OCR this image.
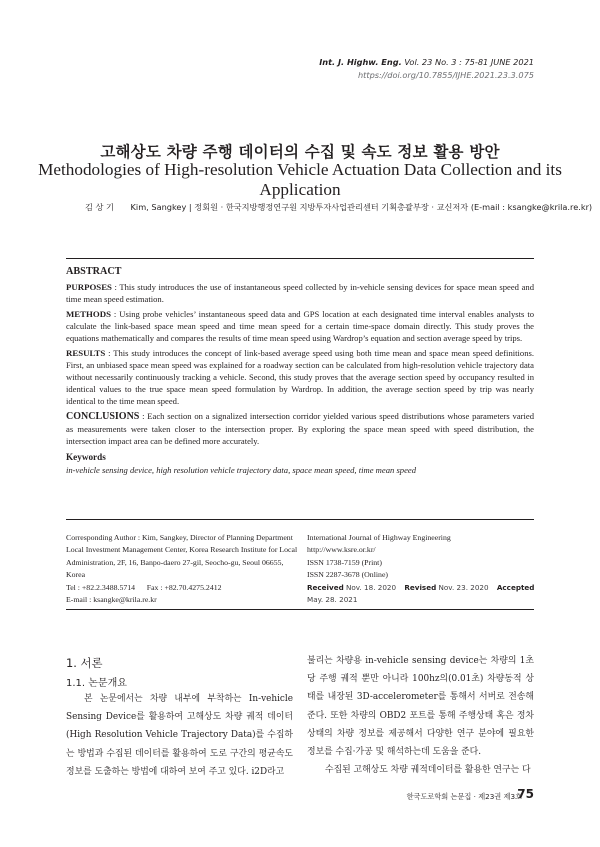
Int. J. Highw. Eng. Vol. 23 No. 3 : 75-81 JUNE 2021
https://doi.org/10.7855/IJHE.2021.23.3.075
고해상도 차량 주행 데이터의 수집 및 속도 정보 활용 방안
Methodologies of High-resolution Vehicle Actuation Data Collection and its Application
김 상 기 Kim, Sangkey | 정회원 · 한국지방행정연구원 지방투자사업관리센터 기획총괄부장 · 교신저자 (E-mail : ksangke@krila.re.kr)
ABSTRACT

PURPOSES : This study introduces the use of instantaneous speed collected by in-vehicle sensing devices for space mean speed and time mean speed estimation.

METHODS : Using probe vehicles’ instantaneous speed data and GPS location at each designated time interval enables analysts to calculate the link-based space mean speed and time mean speed for a certain time-space domain directly. This study proves the equations mathematically and compares the results of time mean speed using Wardrop’s equation and section average speed by trips.

RESULTS : This study introduces the concept of link-based average speed using both time mean and space mean speed definitions. First, an unbiased space mean speed was explained for a roadway section can be calculated from high-resolution vehicle trajectory data without necessarily continuously tracking a vehicle. Second, this study proves that the average section speed by occupancy resulted in identical values to the true space mean speed formulation by Wardrop. In addition, the average section speed by trip was nearly identical to the time mean speed.

CONCLUSIONS : Each section on a signalized intersection corridor yielded various speed distributions whose parameters varied as measurements were taken closer to the intersection proper. By exploring the space mean speed with speed distribution, the intersection impact area can be defined more accurately.

Keywords
in-vehicle sensing device, high resolution vehicle trajectory data, space mean speed, time mean speed
Corresponding Author : Kim, Sangkey, Director of Planning Department
Local Investment Management Center, Korea Research Institute for Local
Administration, 2F, 16, Banpo-daero 27-gil, Seocho-gu, Seoul 06655, Korea
Tel : +82.2.3488.5714      Fax : +82.70.4275.2412
E-mail : ksangke@krila.re.kr
International Journal of Highway Engineering
http://www.ksre.or.kr/
ISSN 1738-7159 (Print)
ISSN 2287-3678 (Online)
Received Nov. 18. 2020 Revised Nov. 23. 2020 Accepted May. 28. 2021
1. 서론
1.1. 논문개요
본 논문에서는 차량 내부에 부착하는 In-vehicle Sensing Device를 활용하여 고해상도 차량 궤적 데이터(High Resolution Vehicle Trajectory Data)를 수집하는 방법과 수집된 데이터를 활용하여 도로 구간의 평균속도 정보를 도출하는 방법에 대하여 보여 주고 있다. i2D라고

불리는 차량용 in-vehicle sensing device는 차량의 1초당 주행 궤적 뿐만 아니라 100hz의(0.01초) 차량동적 상태를 내장된 3D-accelerometer를 통해서 서버로 전송해 준다. 또한 차량의 OBD2 포트를 통해 주행상태 혹은 정차 상태의 차량 정보를 제공해서 다양한 연구 분야에 필요한 정보를 수집·가공 및 해석하는데 도움을 준다.

수집된 고해상도 차량 궤적데이터를 활용한 연구는 다

한국도로학회 논문집 · 제23권 제3호
75
